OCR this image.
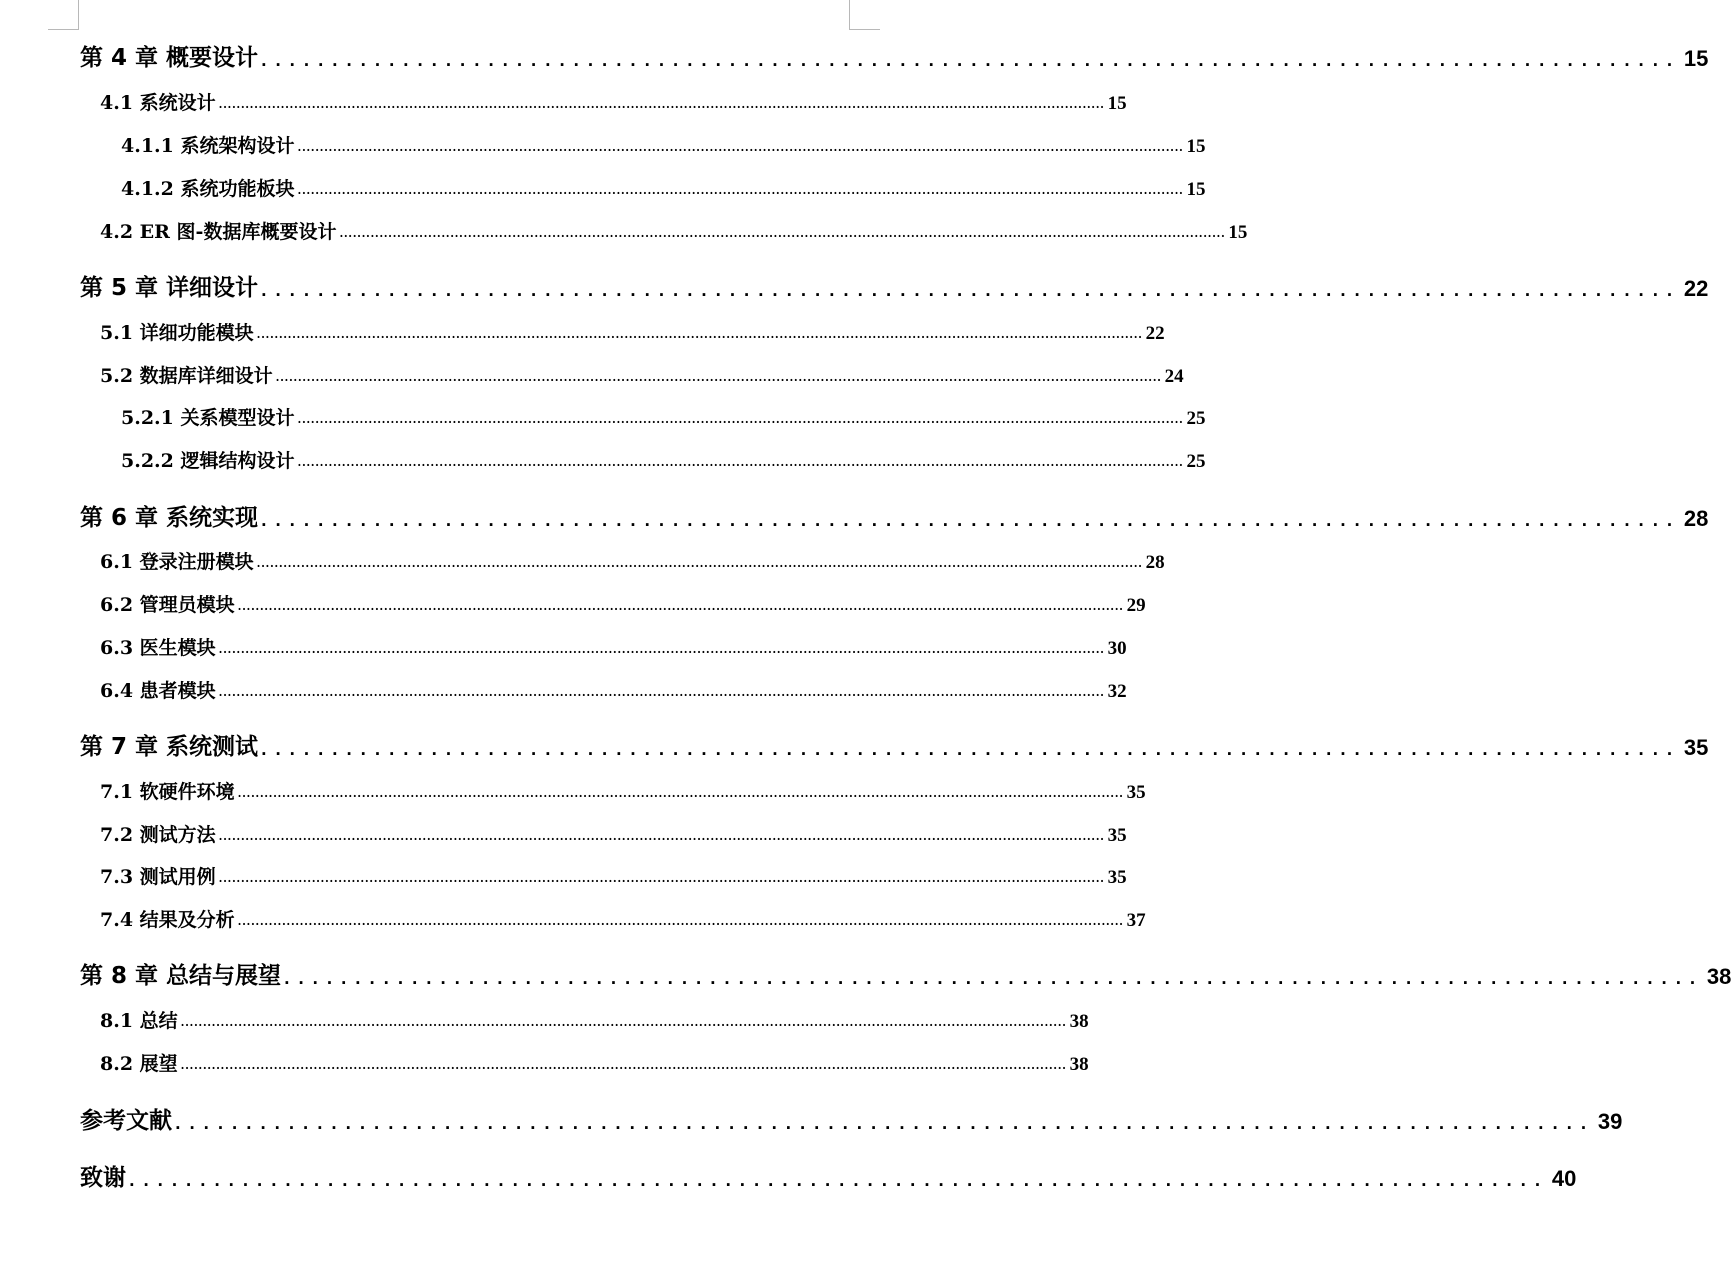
第 4 章 概要设计 .................................................................................................... 15
4.1 系统设计 ........................................................................................................................................................................................................ 15
4.1.1 系统架构设计 ........................................................................................................................................................................................................ 15
4.1.2 系统功能板块 ........................................................................................................................................................................................................ 15
4.2 ER 图-数据库概要设计 ........................................................................................................................................................................................................ 15
第 5 章 详细设计 .................................................................................................... 22
5.1 详细功能模块 ........................................................................................................................................................................................................ 22
5.2 数据库详细设计 ........................................................................................................................................................................................................ 24
5.2.1 关系模型设计 ........................................................................................................................................................................................................ 25
5.2.2 逻辑结构设计 ........................................................................................................................................................................................................ 25
第 6 章 系统实现 .................................................................................................... 28
6.1 登录注册模块 ........................................................................................................................................................................................................ 28
6.2 管理员模块 ........................................................................................................................................................................................................ 29
6.3 医生模块 ........................................................................................................................................................................................................ 30
6.4 患者模块 ........................................................................................................................................................................................................ 32
第 7 章 系统测试 .................................................................................................... 35
7.1 软硬件环境 ........................................................................................................................................................................................................ 35
7.2 测试方法 ........................................................................................................................................................................................................ 35
7.3 测试用例 ........................................................................................................................................................................................................ 35
7.4 结果及分析 ........................................................................................................................................................................................................ 37
第 8 章 总结与展望 .................................................................................................... 38
8.1 总结 ........................................................................................................................................................................................................ 38
8.2 展望 ........................................................................................................................................................................................................ 38
参考文献 .................................................................................................... 39
致谢 .................................................................................................... 40
